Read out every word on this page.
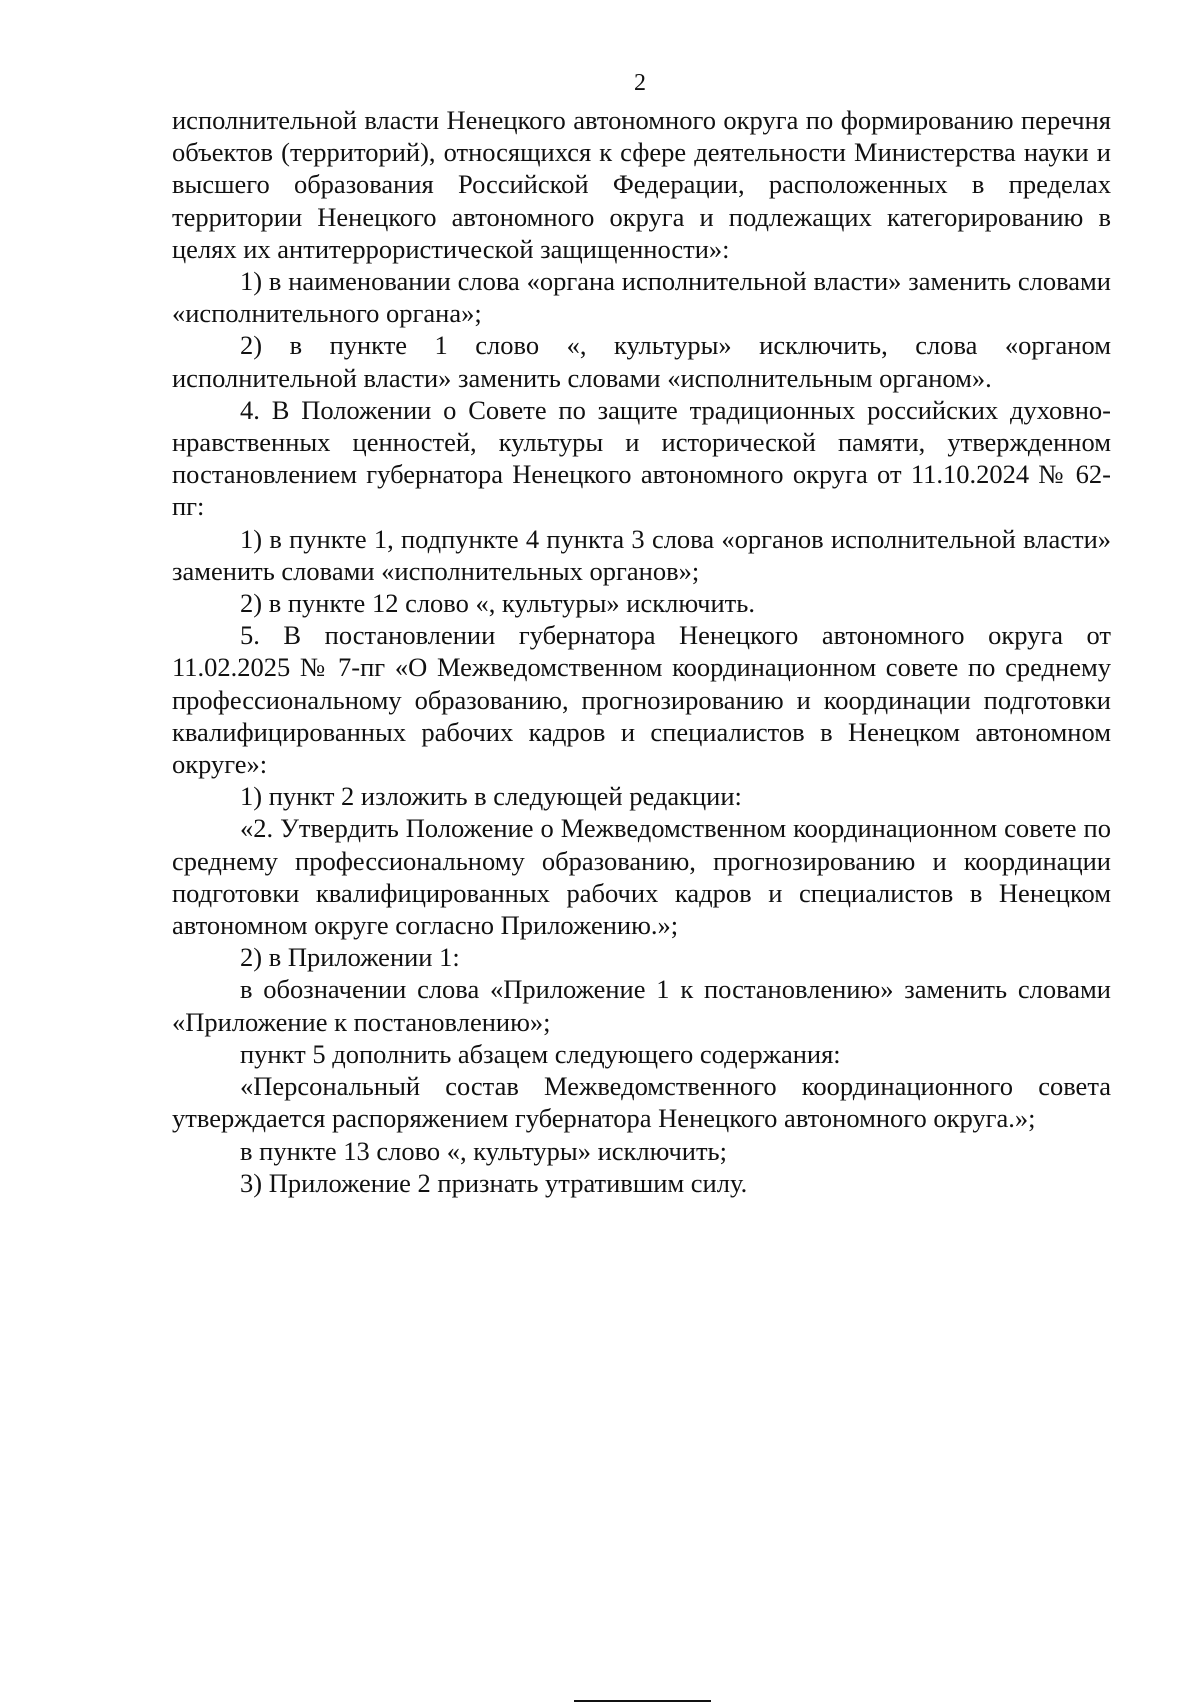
2

исполнительной власти Ненецкого автономного округа по формированию перечня объектов (территорий), относящихся к сфере деятельности Министерства науки и высшего образования Российской Федерации, расположенных в пределах территории Ненецкого автономного округа и подлежащих категорированию в целях их антитеррористической защищенности»:

1) в наименовании слова «органа исполнительной власти» заменить словами «исполнительного органа»;

2) в пункте 1 слово «, культуры» исключить, слова «органом исполнительной власти» заменить словами «исполнительным органом».

4. В Положении о Совете по защите традиционных российских духовно-нравственных ценностей, культуры и исторической памяти, утвержденном постановлением губернатора Ненецкого автономного округа от 11.10.2024 № 62-пг:

1) в пункте 1, подпункте 4 пункта 3 слова «органов исполнительной власти» заменить словами «исполнительных органов»;

2) в пункте 12 слово «, культуры» исключить.

5. В постановлении губернатора Ненецкого автономного округа от 11.02.2025 № 7-пг «О Межведомственном координационном совете по среднему профессиональному образованию, прогнозированию и координации подготовки квалифицированных рабочих кадров и специалистов в Ненецком автономном округе»:

1) пункт 2 изложить в следующей редакции:

«2. Утвердить Положение о Межведомственном координационном совете по среднему профессиональному образованию, прогнозированию и координации подготовки квалифицированных рабочих кадров и специалистов в Ненецком автономном округе согласно Приложению.»;

2) в Приложении 1:

в обозначении слова «Приложение 1 к постановлению» заменить словами «Приложение к постановлению»;

пункт 5 дополнить абзацем следующего содержания:

«Персональный состав Межведомственного координационного совета утверждается распоряжением губернатора Ненецкого автономного округа.»;

в пункте 13 слово «, культуры» исключить;

3) Приложение 2 признать утратившим силу.
